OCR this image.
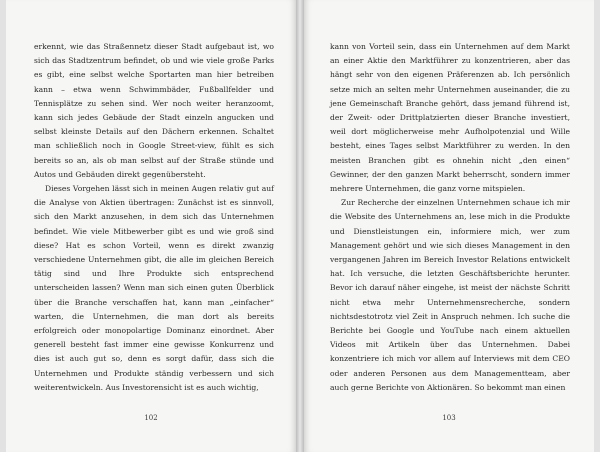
erkennt, wie das Straßennetz dieser Stadt aufgebaut ist, wo sich das Stadtzentrum befindet, ob und wie viele große Parks es gibt, eine selbst welche Sportarten man hier betreiben kann – etwa wenn Schwimmbäder, Fußballfelder und Tennisplätze zu sehen sind. Wer noch weiter heranzoomt, kann sich jedes Gebäude der Stadt einzeln angucken und selbst kleinste Details auf den Dächern erkennen. Schaltet man schließlich noch in Google Street-view, fühlt es sich bereits so an, als ob man selbst auf der Straße stünde und Autos und Gebäuden direkt gegenübersteht.

Dieses Vorgehen lässt sich in meinen Augen relativ gut auf die Analyse von Aktien übertragen: Zunächst ist es sinnvoll, sich den Markt anzusehen, in dem sich das Unternehmen befindet. Wie viele Mitbewerber gibt es und wie groß sind diese? Hat es schon Vorteil, wenn es direkt zwanzig verschiedene Unternehmen gibt, die alle im gleichen Bereich tätig sind und Ihre Produkte sich entsprechend unterscheiden lassen? Wenn man sich einen guten Überblick über die Branche verschaffen hat, kann man „einfacher“ warten, die Unternehmen, die man dort als bereits erfolgreich oder monopolartige Dominanz einordnet. Aber generell besteht fast immer eine gewisse Konkurrenz und dies ist auch gut so, denn es sorgt dafür, dass sich die Unternehmen und Produkte ständig verbessern und sich weiterentwickeln. Aus Investorensicht ist es auch wichtig,

102

kann von Vorteil sein, dass ein Unternehmen auf dem Markt an einer Aktie den Marktführer zu konzentrieren, aber das hängt sehr von den eigenen Präferenzen ab. Ich persönlich setze mich an selten mehr Unternehmen auseinander, die zu jene Gemeinschaft Branche gehört, dass jemand führend ist, der Zweit- oder Drittplatzierten dieser Branche investiert, weil dort möglicherweise mehr Aufholpotenzial und Wille besteht, eines Tages selbst Marktführer zu werden. In den meisten Branchen gibt es ohnehin nicht „den einen“ Gewinner, der den ganzen Markt beherrscht, sondern immer mehrere Unternehmen, die ganz vorne mitspielen.

Zur Recherche der einzelnen Unternehmen schaue ich mir die Website des Unternehmens an, lese mich in die Produkte und Dienstleistungen ein, informiere mich, wer zum Management gehört und wie sich dieses Management in den vergangenen Jahren im Bereich Investor Relations entwickelt hat. Ich versuche, die letzten Geschäftsberichte herunter. Bevor ich darauf näher eingehe, ist meist der nächste Schritt nicht etwa mehr Unternehmensrecherche, sondern nichtsdestotrotz viel Zeit in Anspruch nehmen. Ich suche die Berichte bei Google und YouTube nach einem aktuellen Videos mit Artikeln über das Unternehmen. Dabei konzentriere ich mich vor allem auf Interviews mit dem CEO oder anderen Personen aus dem Managementteam, aber auch gerne Berichte von Aktionären. So bekommt man einen

103
